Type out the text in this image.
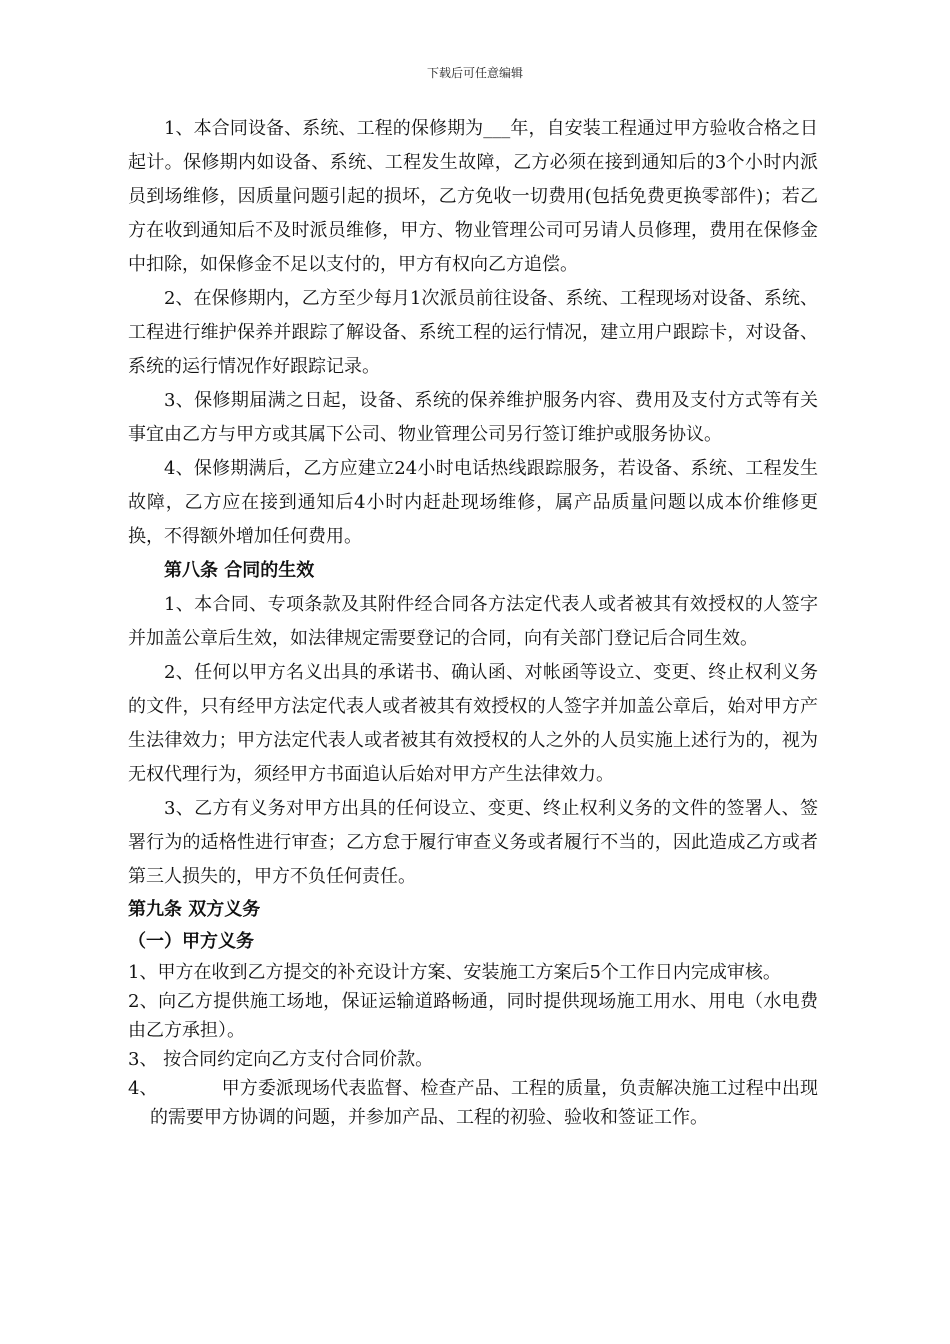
下载后可任意编辑

1、本合同设备、系统、工程的保修期为___年，自安装工程通过甲方验收合格之日起计。保修期内如设备、系统、工程发生故障，乙方必须在接到通知后的3个小时内派员到场维修，因质量问题引起的损坏，乙方免收一切费用(包括免费更换零部件)；若乙方在收到通知后不及时派员维修，甲方、物业管理公司可另请人员修理，费用在保修金中扣除，如保修金不足以支付的，甲方有权向乙方追偿。

2、在保修期内，乙方至少每月1次派员前往设备、系统、工程现场对设备、系统、工程进行维护保养并跟踪了解设备、系统工程的运行情况，建立用户跟踪卡，对设备、系统的运行情况作好跟踪记录。

3、保修期届满之日起，设备、系统的保养维护服务内容、费用及支付方式等有关事宜由乙方与甲方或其属下公司、物业管理公司另行签订维护或服务协议。

4、保修期满后，乙方应建立24小时电话热线跟踪服务，若设备、系统、工程发生故障，乙方应在接到通知后4小时内赶赴现场维修，属产品质量问题以成本价维修更换，不得额外增加任何费用。

第八条 合同的生效

1、本合同、专项条款及其附件经合同各方法定代表人或者被其有效授权的人签字并加盖公章后生效，如法律规定需要登记的合同，向有关部门登记后合同生效。

2、任何以甲方名义出具的承诺书、确认函、对帐函等设立、变更、终止权利义务的文件，只有经甲方法定代表人或者被其有效授权的人签字并加盖公章后，始对甲方产生法律效力；甲方法定代表人或者被其有效授权的人之外的人员实施上述行为的，视为无权代理行为，须经甲方书面追认后始对甲方产生法律效力。

3、乙方有义务对甲方出具的任何设立、变更、终止权利义务的文件的签署人、签署行为的适格性进行审查；乙方怠于履行审查义务或者履行不当的，因此造成乙方或者第三人损失的，甲方不负任何责任。

第九条 双方义务

（一）甲方义务

1、甲方在收到乙方提交的补充设计方案、安装施工方案后5个工作日内完成审核。

2、向乙方提供施工场地，保证运输道路畅通，同时提供现场施工用水、用电（水电费由乙方承担）。

3、 按合同约定向乙方支付合同价款。

4、	甲方委派现场代表监督、检查产品、工程的质量，负责解决施工过程中出现的需要甲方协调的问题，并参加产品、工程的初验、验收和签证工作。
